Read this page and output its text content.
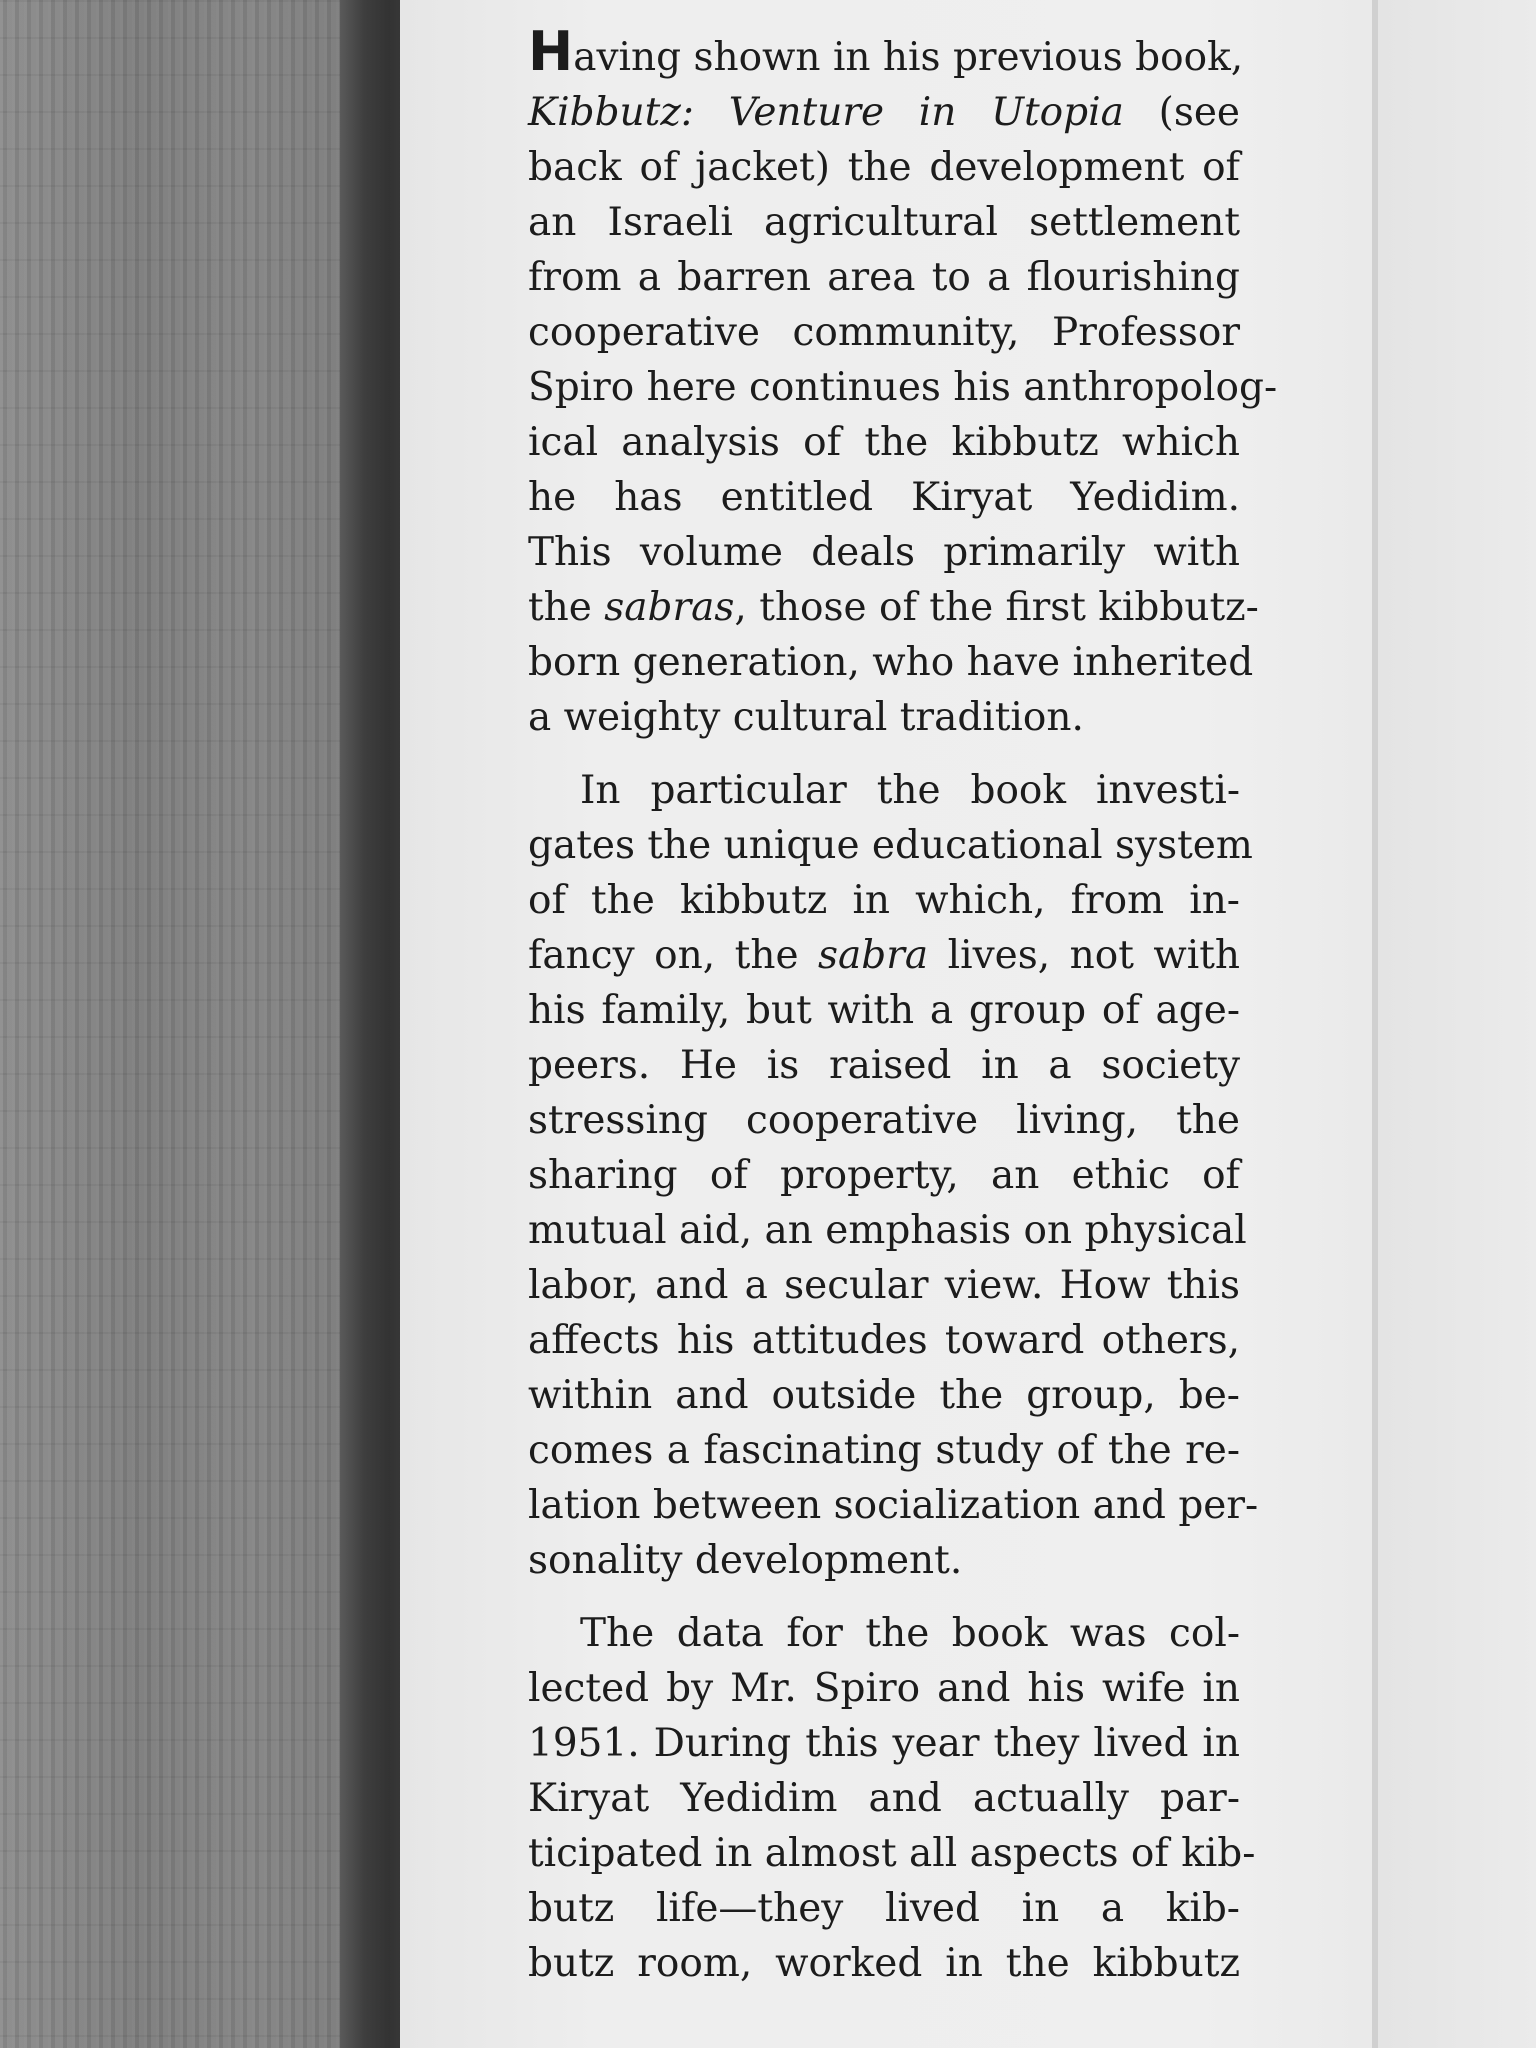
Having shown in his previous book,
Kibbutz: Venture in Utopia (see
back of jacket) the development of
an Israeli agricultural settlement
from a barren area to a flourishing
cooperative community, Professor
Spiro here continues his anthropolog-
ical analysis of the kibbutz which
he has entitled Kiryat Yedidim.
This volume deals primarily with
the sabras, those of the first kibbutz-
born generation, who have inherited
a weighty cultural tradition.

In particular the book investi-
gates the unique educational system
of the kibbutz in which, from in-
fancy on, the sabra lives, not with
his family, but with a group of age-
peers. He is raised in a society
stressing cooperative living, the
sharing of property, an ethic of
mutual aid, an emphasis on physical
labor, and a secular view. How this
affects his attitudes toward others,
within and outside the group, be-
comes a fascinating study of the re-
lation between socialization and per-
sonality development.

The data for the book was col-
lected by Mr. Spiro and his wife in
1951. During this year they lived in
Kiryat Yedidim and actually par-
ticipated in almost all aspects of kib-
butz life—they lived in a kib-
butz room, worked in the kibbutz
